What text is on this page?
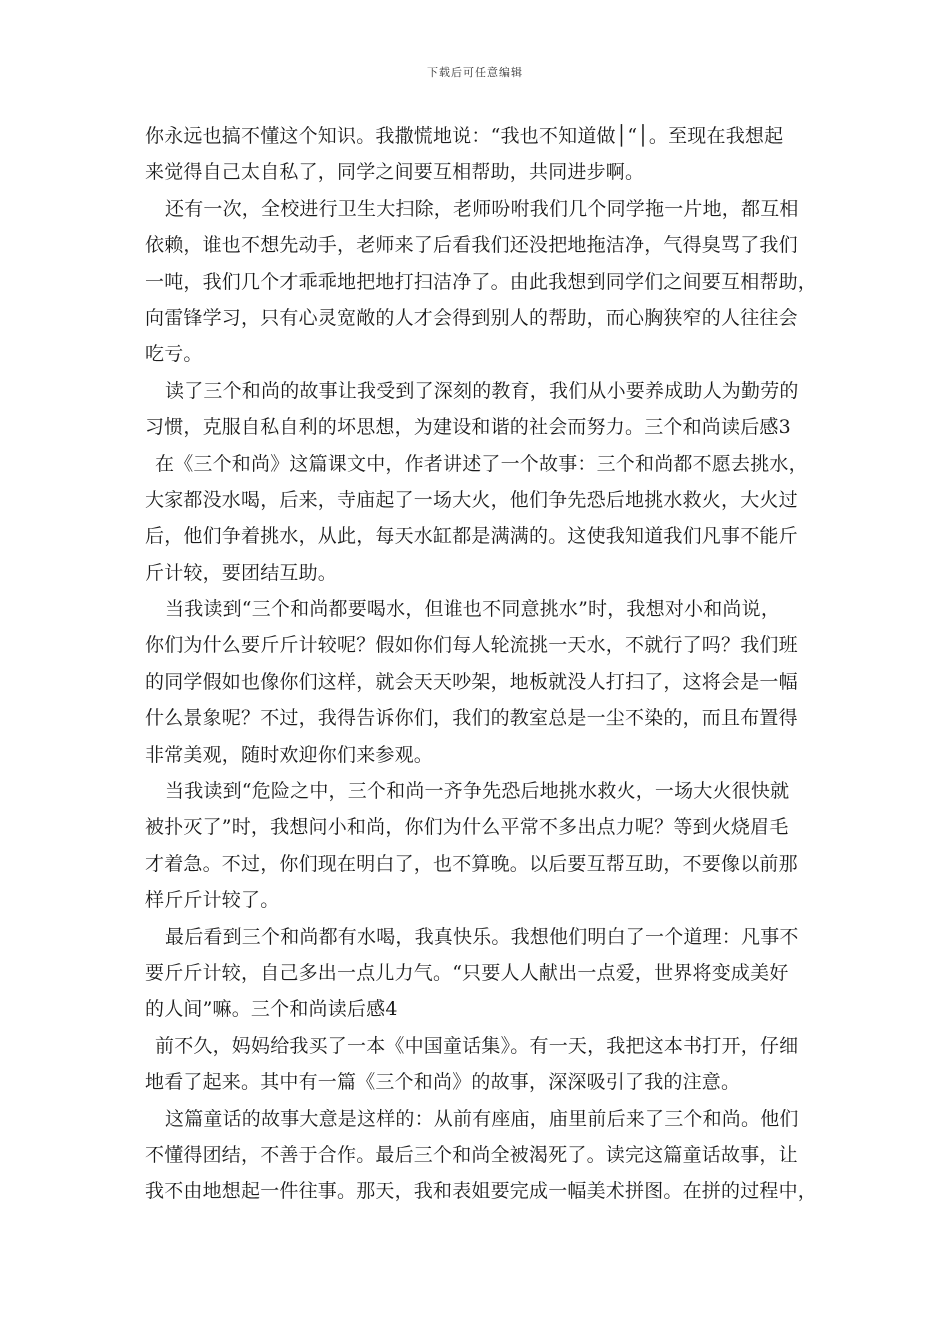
下载后可任意编辑
你永远也搞不懂这个知识。我撒慌地说：“我也不知道做│“│。至现在我想起
来觉得自己太自私了，同学之间要互相帮助，共同进步啊。
还有一次，全校进行卫生大扫除，老师吩咐我们几个同学拖一片地，都互相
依赖，谁也不想先动手，老师来了后看我们还没把地拖洁净，气得臭骂了我们
一吨，我们几个才乖乖地把地打扫洁净了。由此我想到同学们之间要互相帮助，
向雷锋学习，只有心灵宽敞的人才会得到别人的帮助，而心胸狭窄的人往往会
吃亏。
读了三个和尚的故事让我受到了深刻的教育，我们从小要养成助人为勤劳的
习惯，克服自私自利的坏思想，为建设和谐的社会而努力。三个和尚读后感3
在《三个和尚》这篇课文中，作者讲述了一个故事：三个和尚都不愿去挑水，
大家都没水喝，后来，寺庙起了一场大火，他们争先恐后地挑水救火，大火过
后，他们争着挑水，从此，每天水缸都是满满的。这使我知道我们凡事不能斤
斤计较，要团结互助。
当我读到“三个和尚都要喝水，但谁也不同意挑水”时，我想对小和尚说，
你们为什么要斤斤计较呢？假如你们每人轮流挑一天水，不就行了吗？我们班
的同学假如也像你们这样，就会天天吵架，地板就没人打扫了，这将会是一幅
什么景象呢？不过，我得告诉你们，我们的教室总是一尘不染的，而且布置得
非常美观，随时欢迎你们来参观。
当我读到“危险之中，三个和尚一齐争先恐后地挑水救火，一场大火很快就
被扑灭了”时，我想问小和尚，你们为什么平常不多出点力呢？等到火烧眉毛
才着急。不过，你们现在明白了，也不算晚。以后要互帮互助，不要像以前那
样斤斤计较了。
最后看到三个和尚都有水喝，我真快乐。我想他们明白了一个道理：凡事不
要斤斤计较，自己多出一点儿力气。“只要人人献出一点爱，世界将变成美好
的人间”嘛。三个和尚读后感4
前不久，妈妈给我买了一本《中国童话集》。有一天，我把这本书打开，仔细
地看了起来。其中有一篇《三个和尚》的故事，深深吸引了我的注意。
这篇童话的故事大意是这样的：从前有座庙，庙里前后来了三个和尚。他们
不懂得团结，不善于合作。最后三个和尚全被渴死了。读完这篇童话故事，让
我不由地想起一件往事。那天，我和表姐要完成一幅美术拼图。在拼的过程中，
